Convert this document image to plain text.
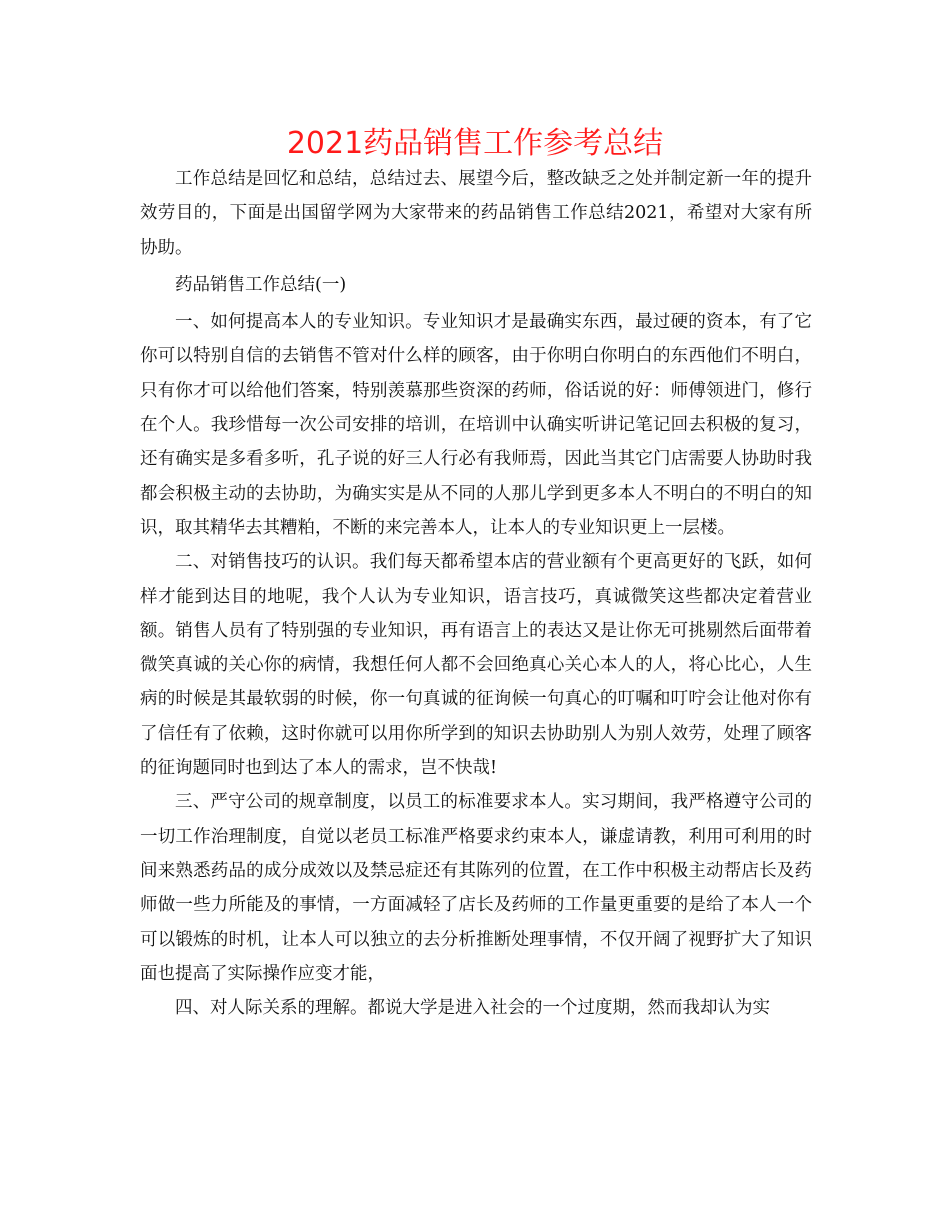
2021药品销售工作参考总结

工作总结是回忆和总结，总结过去、展望今后，整改缺乏之处并制定新一年的提升效劳目的，下面是出国留学网为大家带来的药品销售工作总结2021，希望对大家有所协助。

药品销售工作总结(一)

一、如何提高本人的专业知识。专业知识才是最确实东西，最过硬的资本，有了它你可以特别自信的去销售不管对什么样的顾客，由于你明白你明白的东西他们不明白，只有你才可以给他们答案，特别羡慕那些资深的药师，俗话说的好：师傅领进门，修行在个人。我珍惜每一次公司安排的培训，在培训中认确实听讲记笔记回去积极的复习，还有确实是多看多听，孔子说的好三人行必有我师焉，因此当其它门店需要人协助时我都会积极主动的去协助，为确实实是从不同的人那儿学到更多本人不明白的不明白的知识，取其精华去其糟粕，不断的来完善本人，让本人的专业知识更上一层楼。

二、对销售技巧的认识。我们每天都希望本店的营业额有个更高更好的飞跃，如何样才能到达目的地呢，我个人认为专业知识，语言技巧，真诚微笑这些都决定着营业额。销售人员有了特别强的专业知识，再有语言上的表达又是让你无可挑剔然后面带着微笑真诚的关心你的病情，我想任何人都不会回绝真心关心本人的人，将心比心，人生病的时候是其最软弱的时候，你一句真诚的征询候一句真心的叮嘱和叮咛会让他对你有了信任有了依赖，这时你就可以用你所学到的知识去协助别人为别人效劳，处理了顾客的征询题同时也到达了本人的需求，岂不快哉!

三、严守公司的规章制度，以员工的标准要求本人。实习期间，我严格遵守公司的一切工作治理制度，自觉以老员工标准严格要求约束本人，谦虚请教，利用可利用的时间来熟悉药品的成分成效以及禁忌症还有其陈列的位置，在工作中积极主动帮店长及药师做一些力所能及的事情，一方面减轻了店长及药师的工作量更重要的是给了本人一个可以锻炼的时机，让本人可以独立的去分析推断处理事情，不仅开阔了视野扩大了知识面也提高了实际操作应变才能，

四、对人际关系的理解。都说大学是进入社会的一个过度期，然而我却认为实
